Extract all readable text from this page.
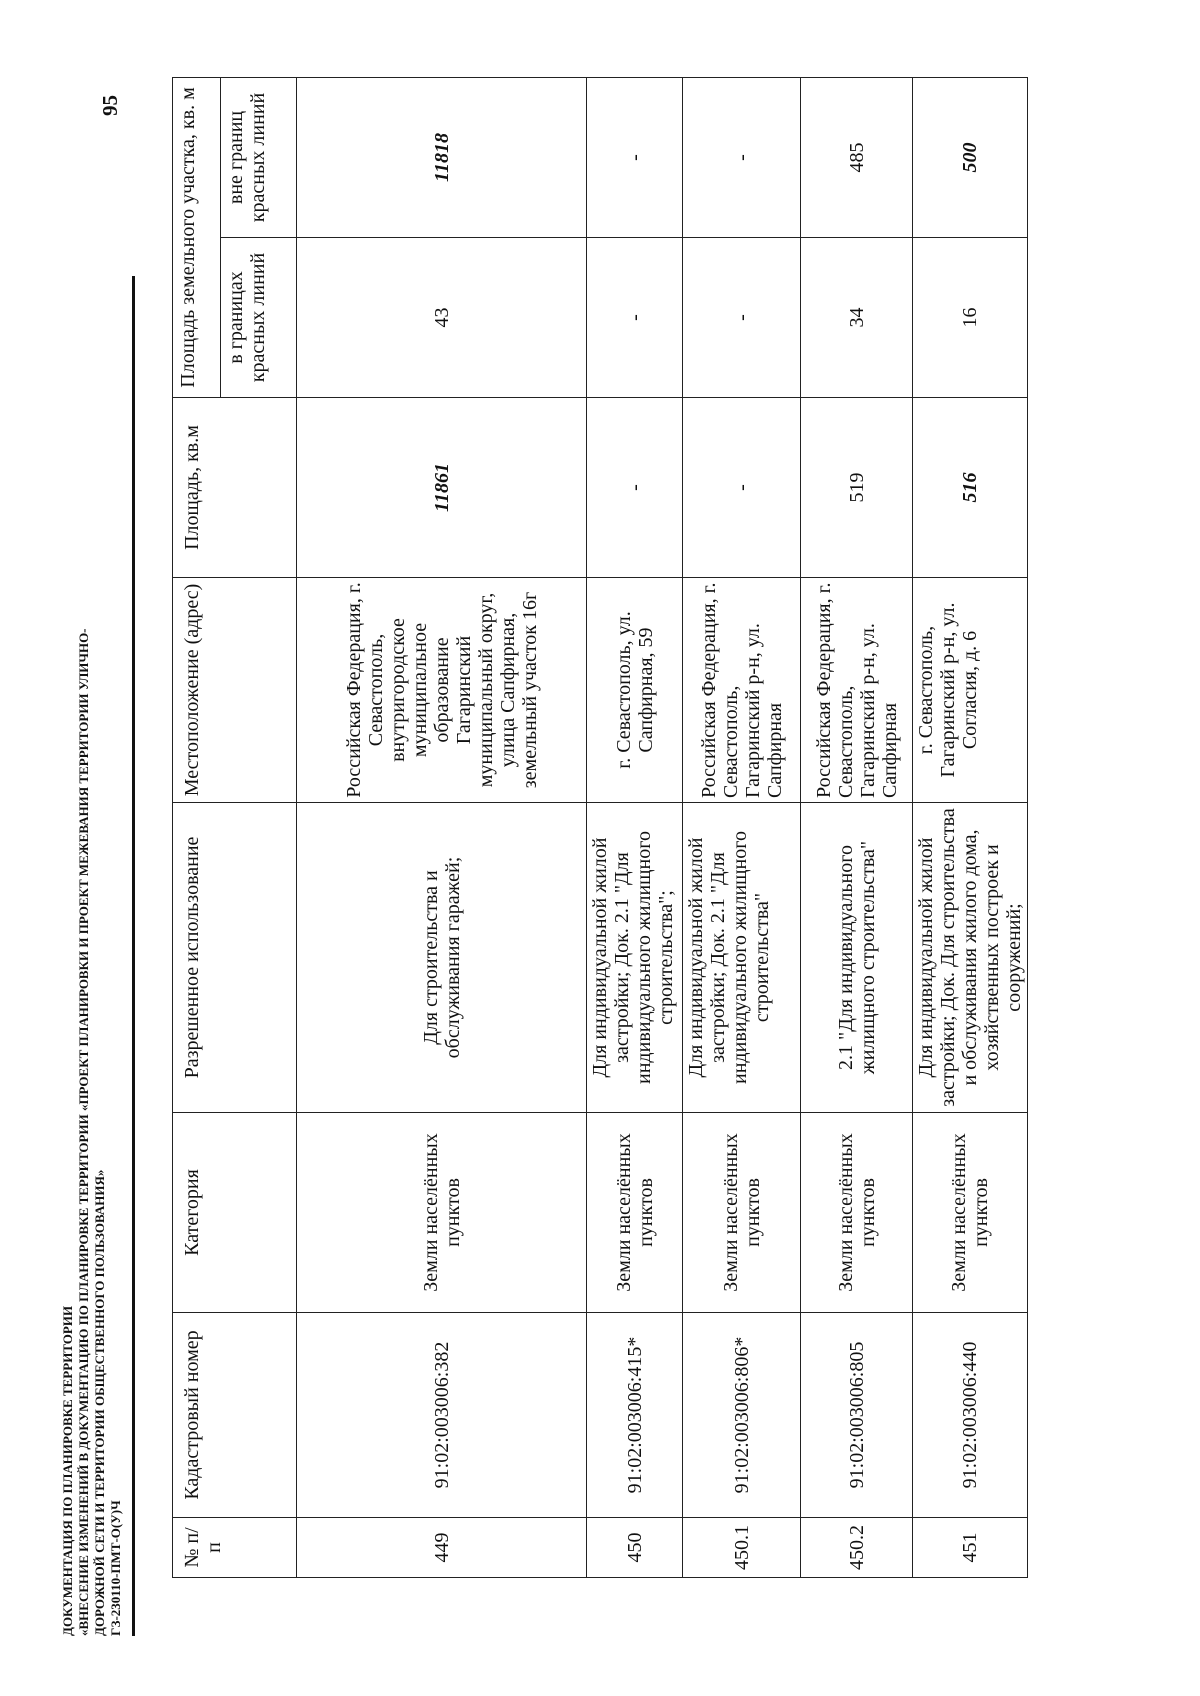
95
ДОКУМЕНТАЦИЯ ПО ПЛАНИРОВКЕ ТЕРРИТОРИИ «ВНЕСЕНИЕ ИЗМЕНЕНИЙ В ДОКУМЕНТАЦИЮ ПО ПЛАНИРОВКЕ ТЕРРИТОРИИ «ПРОЕКТ ПЛАНИРОВКИ И ПРОЕКТ МЕЖЕВАНИЯ ТЕРРИТОРИИ УЛИЧНО- ДОРОЖНОЙ СЕТИ И ТЕРРИТОРИИ ОБЩЕСТВЕННОГО ПОЛЬЗОВАНИЯ» ГЗ-230110-ПМТ-О(У)Ч	№ п/п	Кадастровый номер	Категория	Разрешенное использование	Местоположение (адрес)	Площадь, кв.м	Площадь земельного участка, кв. м	
						в границах красных линий	вне границ красных линий
449	91:02:003006:382	Земли населённых пунктов	Для строительства и обслуживания гаражей;	Российская Федерация, г. Севастополь, внутригородское муниципальное образование Гагаринский муниципальный округ, улица Сапфирная, земельный участок 16г	11861	43	11818
450	91:02:003006:415*	Земли населённых пунктов	Для индивидуальной жилой застройки; Док. 2.1 "Для индивидуального жилищного строительства";	г. Севастополь, ул. Сапфирная, 59	-	-	-
450.1	91:02:003006:806*	Земли населённых пунктов	Для индивидуальной жилой застройки; Док. 2.1 "Для индивидуального жилищного строительства"	Российская Федерация, г. Севастополь, Гагаринский р-н, ул. Сапфирная	-	-	-
450.2	91:02:003006:805	Земли населённых пунктов	2.1 "Для индивидуального жилищного строительства"	Российская Федерация, г. Севастополь, Гагаринский р-н, ул. Сапфирная	519	34	485
451	91:02:003006:440	Земли населённых пунктов	Для индивидуальной жилой застройки; Док. Для строительства и обслуживания жилого дома, хозяйственных построек и сооружений;	г. Севастополь, Гагаринский р-н, ул. Согласия, д. 6	516	16	500
